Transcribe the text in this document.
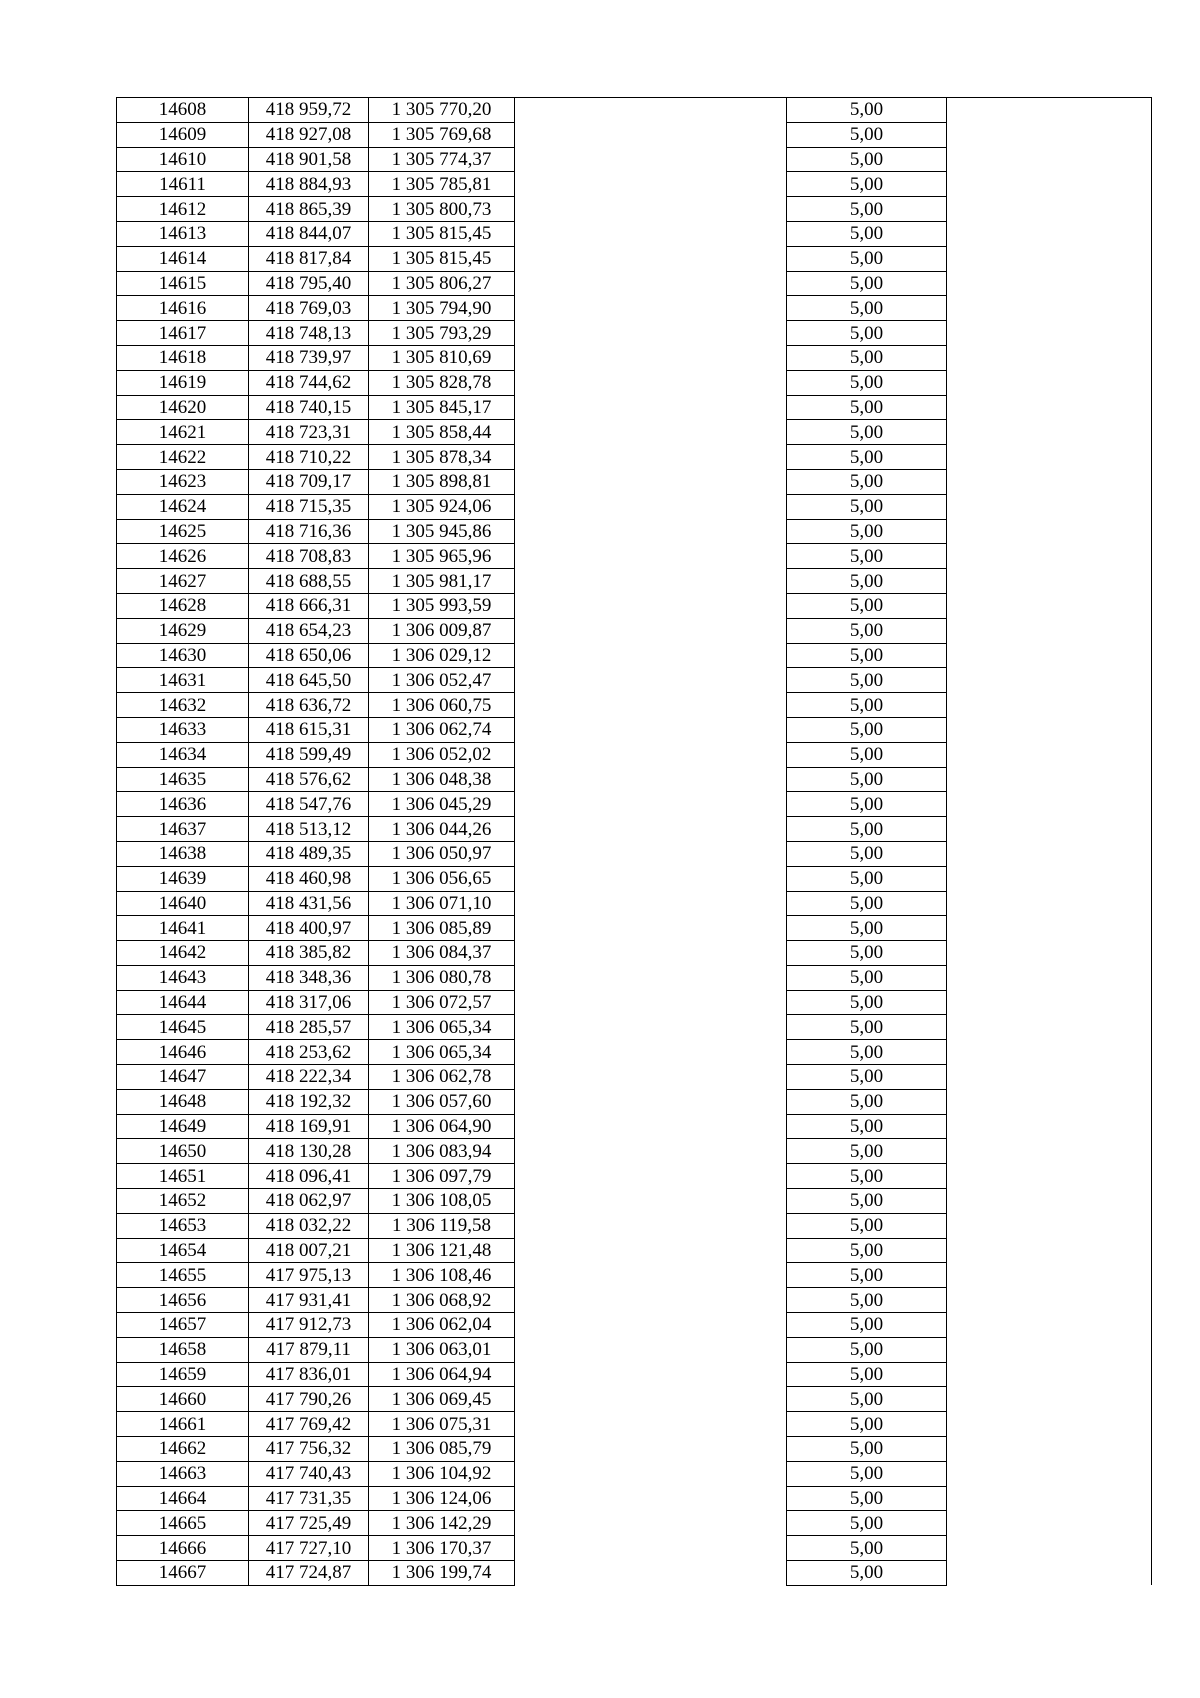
14608	418 959,72	1 305 770,20		5,00	
14609	418 927,08	1 305 769,68		5,00	
14610	418 901,58	1 305 774,37		5,00	
14611	418 884,93	1 305 785,81		5,00	
14612	418 865,39	1 305 800,73		5,00	
14613	418 844,07	1 305 815,45		5,00	
14614	418 817,84	1 305 815,45		5,00	
14615	418 795,40	1 305 806,27		5,00	
14616	418 769,03	1 305 794,90		5,00	
14617	418 748,13	1 305 793,29		5,00	
14618	418 739,97	1 305 810,69		5,00	
14619	418 744,62	1 305 828,78		5,00	
14620	418 740,15	1 305 845,17		5,00	
14621	418 723,31	1 305 858,44		5,00	
14622	418 710,22	1 305 878,34		5,00	
14623	418 709,17	1 305 898,81		5,00	
14624	418 715,35	1 305 924,06		5,00	
14625	418 716,36	1 305 945,86		5,00	
14626	418 708,83	1 305 965,96		5,00	
14627	418 688,55	1 305 981,17		5,00	
14628	418 666,31	1 305 993,59		5,00	
14629	418 654,23	1 306 009,87		5,00	
14630	418 650,06	1 306 029,12		5,00	
14631	418 645,50	1 306 052,47		5,00	
14632	418 636,72	1 306 060,75		5,00	
14633	418 615,31	1 306 062,74		5,00	
14634	418 599,49	1 306 052,02		5,00	
14635	418 576,62	1 306 048,38		5,00	
14636	418 547,76	1 306 045,29		5,00	
14637	418 513,12	1 306 044,26		5,00	
14638	418 489,35	1 306 050,97		5,00	
14639	418 460,98	1 306 056,65		5,00	
14640	418 431,56	1 306 071,10		5,00	
14641	418 400,97	1 306 085,89		5,00	
14642	418 385,82	1 306 084,37		5,00	
14643	418 348,36	1 306 080,78		5,00	
14644	418 317,06	1 306 072,57		5,00	
14645	418 285,57	1 306 065,34		5,00	
14646	418 253,62	1 306 065,34		5,00	
14647	418 222,34	1 306 062,78		5,00	
14648	418 192,32	1 306 057,60		5,00	
14649	418 169,91	1 306 064,90		5,00	
14650	418 130,28	1 306 083,94		5,00	
14651	418 096,41	1 306 097,79		5,00	
14652	418 062,97	1 306 108,05		5,00	
14653	418 032,22	1 306 119,58		5,00	
14654	418 007,21	1 306 121,48		5,00	
14655	417 975,13	1 306 108,46		5,00	
14656	417 931,41	1 306 068,92		5,00	
14657	417 912,73	1 306 062,04		5,00	
14658	417 879,11	1 306 063,01		5,00	
14659	417 836,01	1 306 064,94		5,00	
14660	417 790,26	1 306 069,45		5,00	
14661	417 769,42	1 306 075,31		5,00	
14662	417 756,32	1 306 085,79		5,00	
14663	417 740,43	1 306 104,92		5,00	
14664	417 731,35	1 306 124,06		5,00	
14665	417 725,49	1 306 142,29		5,00	
14666	417 727,10	1 306 170,37		5,00	
14667	417 724,87	1 306 199,74		5,00	
